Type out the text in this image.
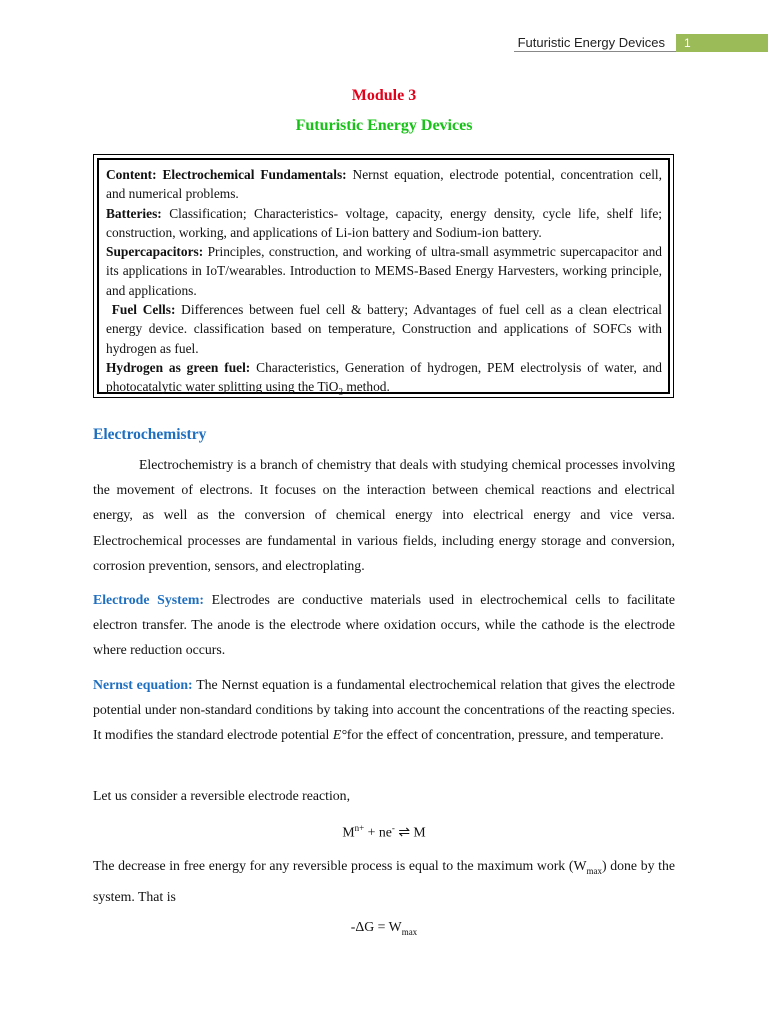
Futuristic Energy Devices	1
Module 3
Futuristic Energy Devices

Content: Electrochemical Fundamentals: Nernst equation, electrode potential, concentration cell, and numerical problems.

Batteries: Classification; Characteristics- voltage, capacity, energy density, cycle life, shelf life; construction, working, and applications of Li-ion battery and Sodium-ion battery.

Supercapacitors: Principles, construction, and working of ultra-small asymmetric supercapacitor and its applications in IoT/wearables. Introduction to MEMS-Based Energy Harvesters, working principle, and applications.

Fuel Cells: Differences between fuel cell & battery; Advantages of fuel cell as a clean electrical energy device. classification based on temperature, Construction and applications of SOFCs with hydrogen as fuel.

Hydrogen as green fuel: Characteristics, Generation of hydrogen, PEM electrolysis of water, and photocatalytic water splitting using the TiO$_2$ method.

Electrochemistry

Electrochemistry is a branch of chemistry that deals with studying chemical processes involving the movement of electrons. It focuses on the interaction between chemical reactions and electrical energy, as well as the conversion of chemical energy into electrical energy and vice versa. Electrochemical processes are fundamental in various fields, including energy storage and conversion, corrosion prevention, sensors, and electroplating.

Electrode System: Electrodes are conductive materials used in electrochemical cells to facilitate electron transfer. The anode is the electrode where oxidation occurs, while the cathode is the electrode where reduction occurs.

Nernst equation: The Nernst equation is a fundamental electrochemical relation that gives the electrode potential under non-standard conditions by taking into account the concentrations of the reacting species. It modifies the standard electrode potential E°for the effect of concentration, pressure, and temperature.

Let us consider a reversible electrode reaction,

$M^{n+} + ne^-$ ⇌ M

The decrease in free energy for any reversible process is equal to the maximum work $(W_{max})$ done by the system. That is

$-\Delta G = W_{max}$
